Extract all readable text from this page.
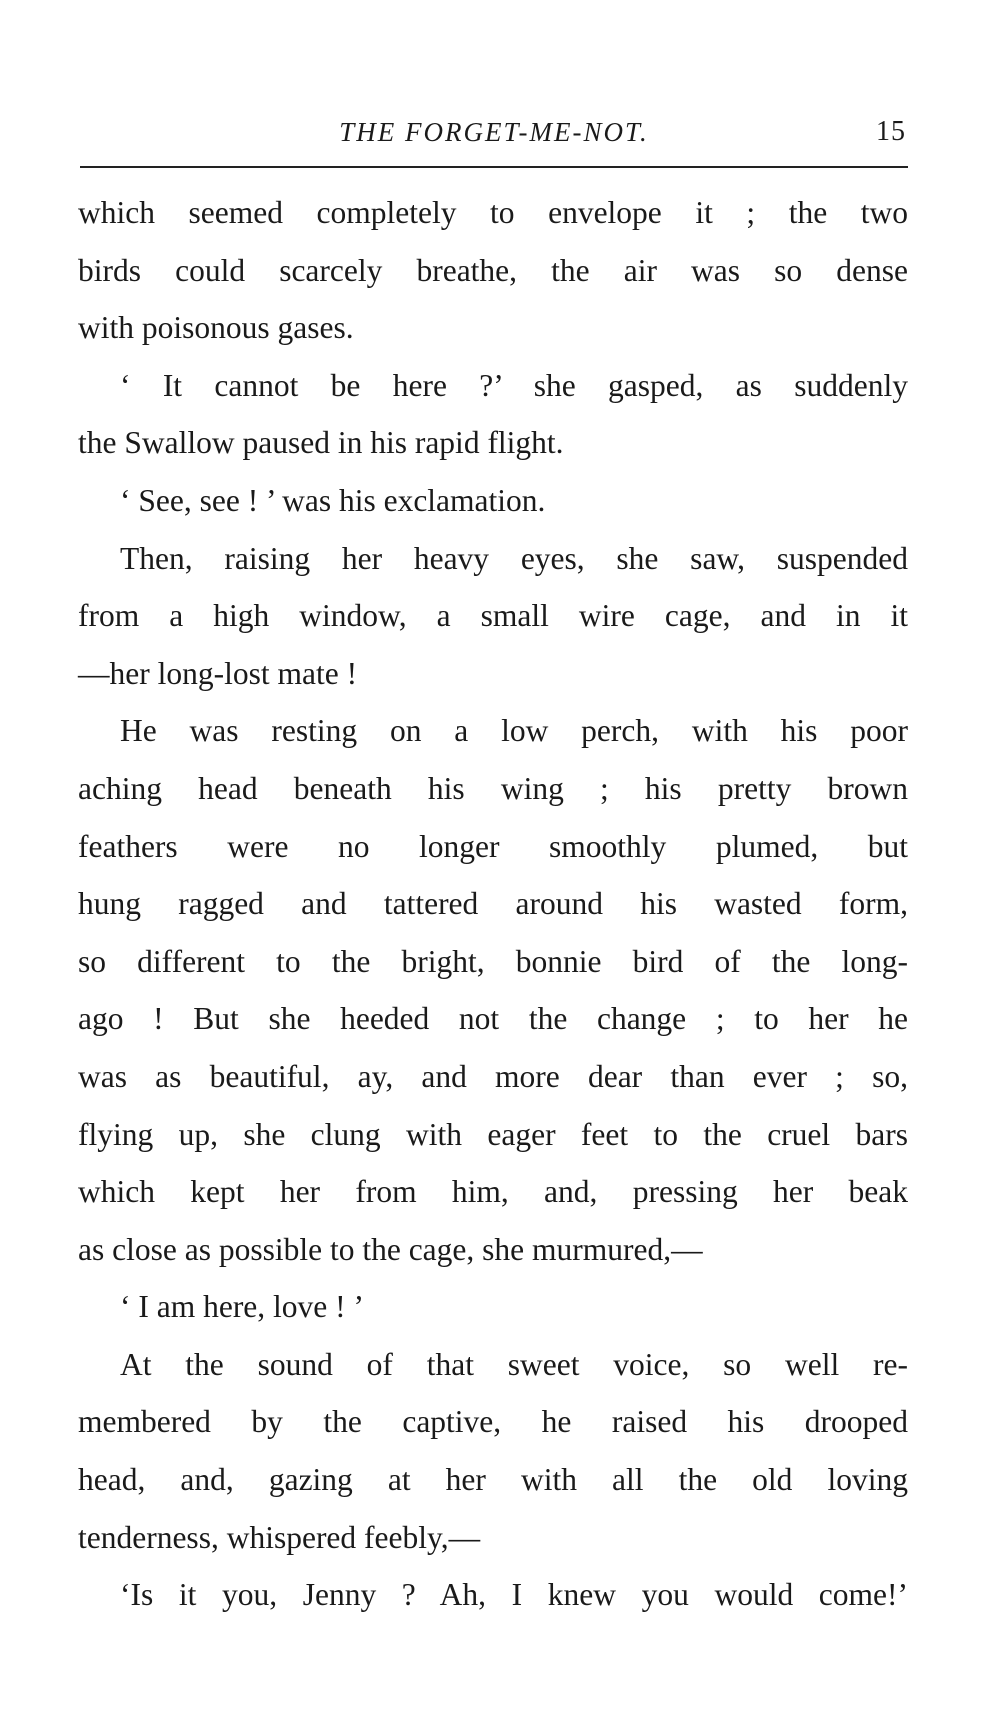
THE FORGET-ME-NOT.	15
which seemed completely to envelope it ; the two
birds could scarcely breathe, the air was so dense
with poisonous gases.
‘ It cannot be here ?’ she gasped, as suddenly
the Swallow paused in his rapid flight.
‘ See, see ! ’ was his exclamation.
Then, raising her heavy eyes, she saw, suspended
from a high window, a small wire cage, and in it
—her long-lost mate !
He was resting on a low perch, with his poor
aching head beneath his wing ; his pretty brown
feathers were no longer smoothly plumed, but
hung ragged and tattered around his wasted form,
so different to the bright, bonnie bird of the long-
ago ! But she heeded not the change ; to her he
was as beautiful, ay, and more dear than ever ; so,
flying up, she clung with eager feet to the cruel bars
which kept her from him, and, pressing her beak
as close as possible to the cage, she murmured,—
‘ I am here, love ! ’
At the sound of that sweet voice, so well re-
membered by the captive, he raised his drooped
head, and, gazing at her with all the old loving
tenderness, whispered feebly,—
‘Is it you, Jenny ? Ah, I knew you would come!’
